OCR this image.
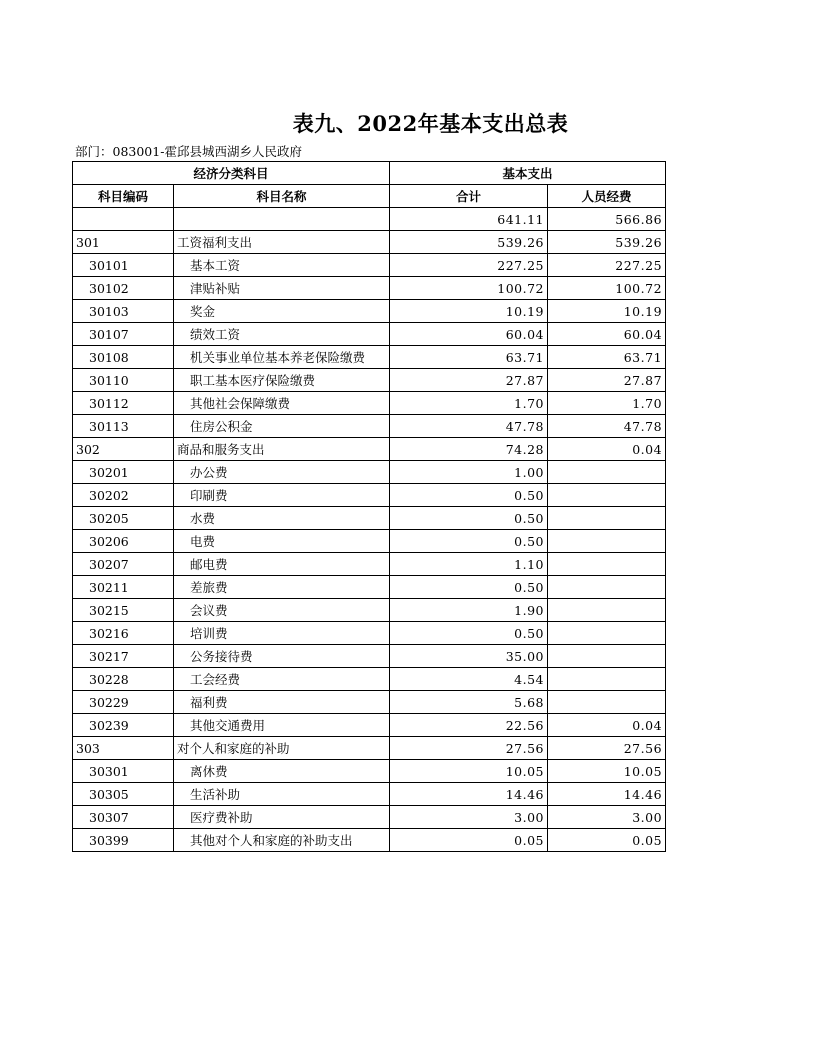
表九、2022年基本支出总表
部门：083001-霍邱县城西湖乡人民政府
经济分类科目		基本支出	
科目编码	科目名称	合计	人员经费
		641.11	566.86
301	工资福利支出	539.26	539.26
30101	基本工资	227.25	227.25
30102	津贴补贴	100.72	100.72
30103	奖金	10.19	10.19
30107	绩效工资	60.04	60.04
30108	机关事业单位基本养老保险缴费	63.71	63.71
30110	职工基本医疗保险缴费	27.87	27.87
30112	其他社会保障缴费	1.70	1.70
30113	住房公积金	47.78	47.78
302	商品和服务支出	74.28	0.04
30201	办公费	1.00	
30202	印刷费	0.50	
30205	水费	0.50	
30206	电费	0.50	
30207	邮电费	1.10	
30211	差旅费	0.50	
30215	会议费	1.90	
30216	培训费	0.50	
30217	公务接待费	35.00	
30228	工会经费	4.54	
30229	福利费	5.68	
30239	其他交通费用	22.56	0.04
303	对个人和家庭的补助	27.56	27.56
30301	离休费	10.05	10.05
30305	生活补助	14.46	14.46
30307	医疗费补助	3.00	3.00
30399	其他对个人和家庭的补助支出	0.05	0.05
